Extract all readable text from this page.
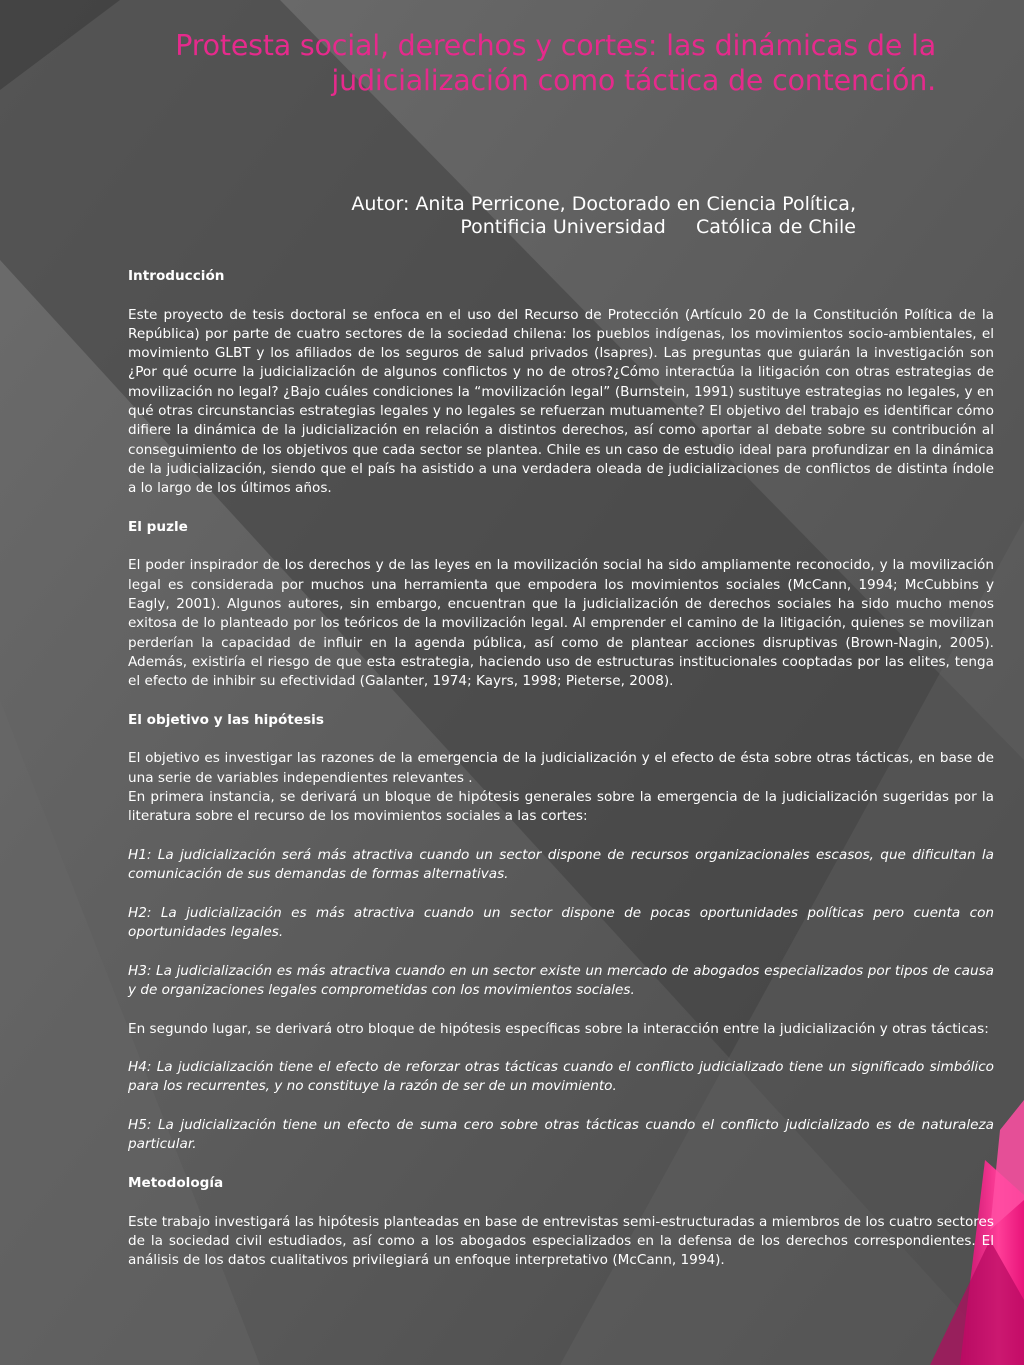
Protesta social, derechos y cortes: las dinámicas de la judicialización como táctica de contención.
Autor: Anita Perricone, Doctorado en Ciencia Política,
Pontificia Universidad     Católica de Chile
Introducción

Este proyecto de tesis doctoral se enfoca en el uso del Recurso de Protección (Artículo 20 de la Constitución Política de la República) por parte de cuatro sectores de la sociedad chilena: los pueblos indígenas, los movimientos socio-ambientales, el movimiento GLBT y los afiliados de los seguros de salud privados (Isapres). Las preguntas que guiarán la investigación son ¿Por qué ocurre la judicialización de algunos conflictos y no de otros?¿Cómo interactúa la litigación con otras estrategias de movilización no legal? ¿Bajo cuáles condiciones la “movilización legal” (Burnstein, 1991) sustituye estrategias no legales, y en qué otras circunstancias estrategias legales y no legales se refuerzan mutuamente? El objetivo del trabajo es identificar cómo difiere la dinámica de la judicialización en relación a distintos derechos, así como aportar al debate sobre su contribución al conseguimiento de los objetivos que cada sector se plantea. Chile es un caso de estudio ideal para profundizar en la dinámica de la judicialización, siendo que el país ha asistido a una verdadera oleada de judicializaciones de conflictos de distinta índole a lo largo de los últimos años.

El puzle

El poder inspirador de los derechos y de las leyes en la movilización social ha sido ampliamente reconocido, y la movilización legal es considerada por muchos una herramienta que empodera los movimientos sociales (McCann, 1994; McCubbins y Eagly, 2001). Algunos autores, sin embargo, encuentran que la judicialización de derechos sociales ha sido mucho menos exitosa de lo planteado por los teóricos de la movilización legal. Al emprender el camino de la litigación, quienes se movilizan perderían la capacidad de influir en la agenda pública, así como de plantear acciones disruptivas (Brown-Nagin, 2005). Además, existiría el riesgo de que esta estrategia, haciendo uso de estructuras institucionales cooptadas por las elites, tenga el efecto de inhibir su efectividad (Galanter, 1974; Kayrs, 1998; Pieterse, 2008).

El objetivo y las hipótesis

El objetivo es investigar las razones de la emergencia de la judicialización y el efecto de ésta sobre otras tácticas, en base de una serie de variables independientes relevantes .

En primera instancia, se derivará un bloque de hipótesis generales sobre la emergencia de la judicialización sugeridas por la literatura sobre el recurso de los movimientos sociales a las cortes:

H1: La judicialización será más atractiva cuando un sector dispone de recursos organizacionales escasos, que dificultan la comunicación de sus demandas de formas alternativas.

H2: La judicialización es más atractiva cuando un sector dispone de pocas oportunidades políticas pero cuenta con oportunidades legales.

H3: La judicialización es más atractiva cuando en un sector existe un mercado de abogados especializados por tipos de causa y de organizaciones legales comprometidas con los movimientos sociales.

En segundo lugar, se derivará otro bloque de hipótesis específicas sobre la interacción entre la judicialización y otras tácticas:

H4: La judicialización tiene el efecto de reforzar otras tácticas cuando el conflicto judicializado tiene un significado simbólico para los recurrentes, y no constituye la razón de ser de un movimiento.

H5: La judicialización tiene un efecto de suma cero sobre otras tácticas cuando el conflicto judicializado es de naturaleza particular.

Metodología

Este trabajo investigará las hipótesis planteadas en base de entrevistas semi-estructuradas a miembros de los cuatro sectores de la sociedad civil estudiados, así como a los abogados especializados en la defensa de los derechos correspondientes. El análisis de los datos cualitativos privilegiará un enfoque interpretativo (McCann, 1994).
